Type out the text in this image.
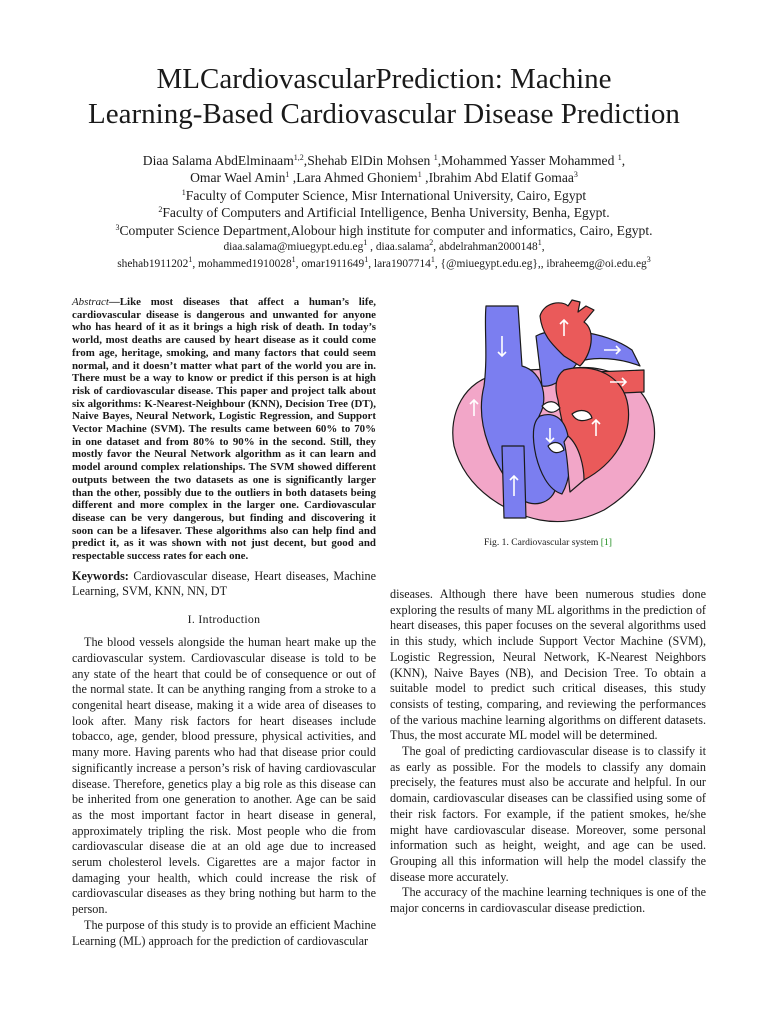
MLCardiovascularPrediction: Machine
Learning-Based Cardiovascular Disease Prediction
Diaa Salama AbdElminaam$^{1,2}$,Shehab ElDin Mohsen $^1$,Mohammed Yasser Mohammed $^1$,
Omar Wael Amin$^1$ ,Lara Ahmed Ghoniem$^1$ ,Ibrahim Abd Elatif Gomaa$^3$
$^1$Faculty of Computer Science, Misr International University, Cairo, Egypt
$^2$Faculty of Computers and Artificial Intelligence, Benha University, Benha, Egypt.
$^3$Computer Science Department,Alobour high institute for computer and informatics, Cairo, Egypt.
$diaa.salama@miuegypt.edu.eg^1$ , diaa.salama$^2$, abdelrahman2000148$^1$,
shehab1911202$^1$, mohammed1910028$^1$, omar1911649$^1$, lara1907714$^1$, {@miuegypt.edu.eg},, $ibraheemg@oi.edu.eg^3$

Abstract—Like most diseases that affect a human’s life, cardiovascular disease is dangerous and unwanted for anyone who has heard of it as it brings a high risk of death. In today’s world, most deaths are caused by heart disease as it could come from age, heritage, smoking, and many factors that could seem normal, and it doesn’t matter what part of the world you are in. There must be a way to know or predict if this person is at high risk of cardiovascular disease. This paper and project talk about six algorithms: K-Nearest-Neighbour (KNN), Decision Tree (DT), Naive Bayes, Neural Network, Logistic Regression, and Support Vector Machine (SVM). The results came between 60% to 70% in one dataset and from 80% to 90% in the second. Still, they mostly favor the Neural Network algorithm as it can learn and model around complex relationships. The SVM showed different outputs between the two datasets as one is significantly larger than the other, possibly due to the outliers in both datasets being different and more complex in the larger one. Cardiovascular disease can be very dangerous, but finding and discovering it soon can be a lifesaver. These algorithms also can help find and predict it, as it was shown with not just decent, but good and respectable success rates for each one.

Keywords: Cardiovascular disease, Heart diseases, Machine Learning, SVM, KNN, NN, DT

I. Introduction

The blood vessels alongside the human heart make up the cardiovascular system. Cardiovascular disease is told to be any state of the heart that could be of consequence or out of the normal state. It can be anything ranging from a stroke to a congenital heart disease, making it a wide area of diseases to look after. Many risk factors for heart diseases include tobacco, age, gender, blood pressure, physical activities, and many more. Having parents who had that disease prior could significantly increase a person’s risk of having cardiovascular disease. Therefore, genetics play a big role as this disease can be inherited from one generation to another. Age can be said as the most important factor in heart disease in general, approximately tripling the risk. Most people who die from cardiovascular disease die at an old age due to increased serum cholesterol levels. Cigarettes are a major factor in damaging your health, which could increase the risk of cardiovascular diseases as they bring nothing but harm to the person.

The purpose of this study is to provide an efficient Machine Learning (ML) approach for the prediction of cardiovascular

Fig. 1. Cardiovascular system [1]

diseases. Although there have been numerous studies done exploring the results of many ML algorithms in the prediction of heart diseases, this paper focuses on the several algorithms used in this study, which include Support Vector Machine (SVM), Logistic Regression, Neural Network, K-Nearest Neighbors (KNN), Naive Bayes (NB), and Decision Tree. To obtain a suitable model to predict such critical diseases, this study consists of testing, comparing, and reviewing the performances of the various machine learning algorithms on different datasets. Thus, the most accurate ML model will be determined.

The goal of predicting cardiovascular disease is to classify it as early as possible. For the models to classify any domain precisely, the features must also be accurate and helpful. In our domain, cardiovascular diseases can be classified using some of their risk factors. For example, if the patient smokes, he/she might have cardiovascular disease. Moreover, some personal information such as height, weight, and age can be used. Grouping all this information will help the model classify the disease more accurately.

The accuracy of the machine learning techniques is one of the major concerns in cardiovascular disease prediction.
